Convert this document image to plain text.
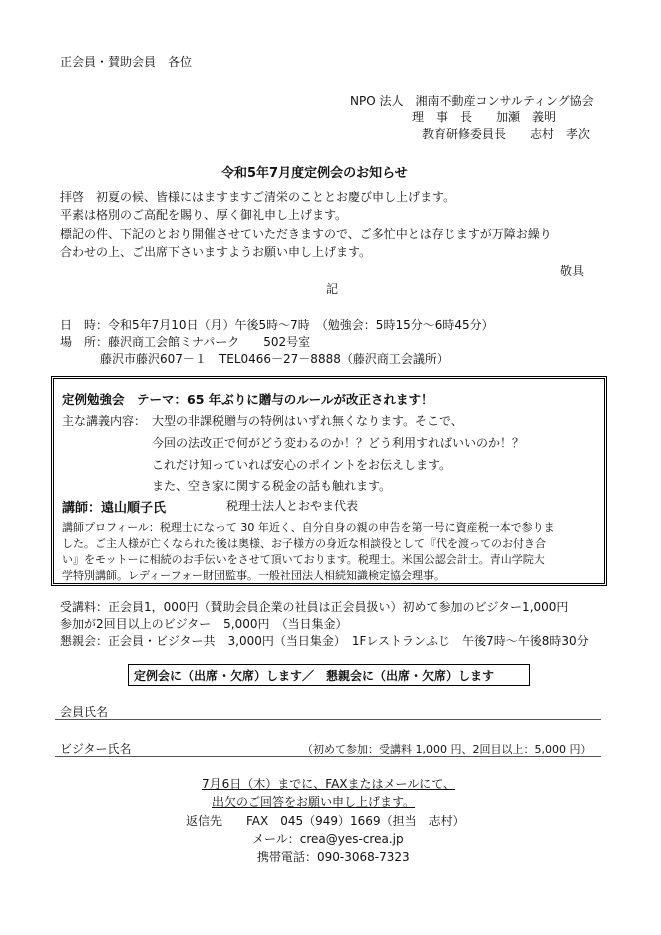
正会員・賛助会員　各位
NPO 法人　湘南不動産コンサルティング協会
理　事　長　　加瀬　義明
教育研修委員長　　志村　孝次
令和5年7月度定例会のお知らせ
拝啓　初夏の候、皆様にはますますご清栄のこととお慶び申し上げます。
平素は格別のご高配を賜り、厚く御礼申し上げます。
標記の件、下記のとおり開催させていただきますので、ご多忙中とは存じますが万障お繰り
合わせの上、ご出席下さいますようお願い申し上げます。
敬具
記
日　時：令和5年7月10日（月）午後5時～7時　（勉強会：5時15分～6時45分）
場　所：藤沢商工会館ミナパーク　　502号室
藤沢市藤沢607－１　TEL0466－27－8888（藤沢商工会議所）
定例勉強会　テーマ：65 年ぶりに贈与のルールが改正されます！
主な講義内容： 大型の非課税贈与の特例はいずれ無くなります。そこで、
今回の法改正で何がどう変わるのか！？どう利用すればいいのか！？
これだけ知っていれば安心のポイントをお伝えします。
また、空き家に関する税金の話も触れます。
講師：遠山順子氏	税理士法人とおやま代表
講師プロフィール：税理士になって 30 年近く、自分自身の親の申告を第一号に資産税一本で参りま
した。ご主人様が亡くなられた後は奥様、お子様方の身近な相談役として『代を渡ってのお付き合
い』をモットーに相続のお手伝いをさせて頂いております。税理士。米国公認会計士。青山学院大
学特別講師。レディーフォー財団監事。一般社団法人相続知識検定協会理事。
受講料：正会員1，000円（賛助会員企業の社員は正会員扱い）初めて参加のビジター1,000円
参加が2回目以上のビジター　5,000円　（当日集金）
懇親会：正会員・ビジター共　3,000円（当日集金）　1Fレストランふじ　午後7時～午後8時30分
定例会に（出席・欠席）します／　懇親会に（出席・欠席）します
会員氏名
ビジター氏名	（初めて参加：受講料 1,000 円、2回目以上：5,000 円）
7月6日（木）までに、FAXまたはメールにて、
出欠のご回答をお願い申し上げます。
返信先　　FAX　045（949）1669（担当　志村）
メール：crea@yes-crea.jp
携帯電話：090-3068-7323
